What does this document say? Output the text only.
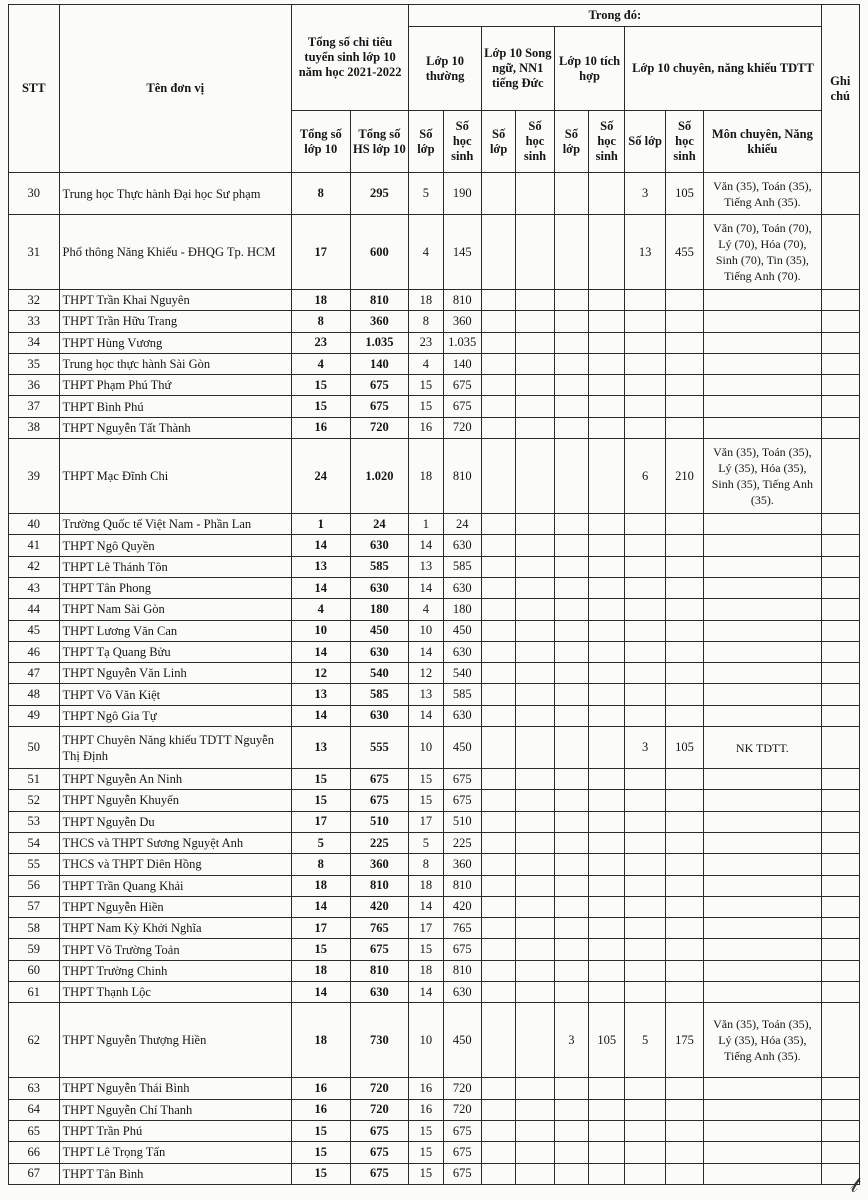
STT	Tên đơn vị	Tổng số chỉ tiêu tuyển sinh lớp 10 năm học 2021-2022		Trong đó:									Ghi chú
				Lớp 10 thường		Lớp 10 Song ngữ, NN1 tiếng Đức		Lớp 10 tích hợp		Lớp 10 chuyên, năng khiếu TDTT			
		Tổng số lớp 10	Tổng số HS lớp 10	Số lớp	Số học sinh	Số lớp	Số học sinh	Số lớp	Số học sinh	Số lớp	Số học sinh	Môn chuyên, Năng khiếu	
30	Trung học Thực hành Đại học Sư phạm	8	295	5	190					3	105	Văn (35), Toán (35), Tiếng Anh (35).	
31	Phổ thông Năng Khiếu - ĐHQG Tp. HCM	17	600	4	145					13	455	Văn (70), Toán (70), Lý (70), Hóa (70), Sinh (70), Tin (35), Tiếng Anh (70).	
32	THPT Trần Khai Nguyên	18	810	18	810								
33	THPT Trần Hữu Trang	8	360	8	360								
34	THPT Hùng Vương	23	1.035	23	1.035								
35	Trung học thực hành Sài Gòn	4	140	4	140								
36	THPT Phạm Phú Thứ	15	675	15	675								
37	THPT Bình Phú	15	675	15	675								
38	THPT Nguyễn Tất Thành	16	720	16	720								
39	THPT Mạc Đĩnh Chi	24	1.020	18	810					6	210	Văn (35), Toán (35), Lý (35), Hóa (35), Sinh (35), Tiếng Anh (35).	
40	Trường Quốc tế Việt Nam - Phần Lan	1	24	1	24								
41	THPT Ngô Quyền	14	630	14	630								
42	THPT Lê Thánh Tôn	13	585	13	585								
43	THPT Tân Phong	14	630	14	630								
44	THPT Nam Sài Gòn	4	180	4	180								
45	THPT Lương Văn Can	10	450	10	450								
46	THPT Tạ Quang Bửu	14	630	14	630								
47	THPT Nguyễn Văn Linh	12	540	12	540								
48	THPT Võ Văn Kiệt	13	585	13	585								
49	THPT Ngô Gia Tự	14	630	14	630								
50	THPT Chuyên Năng khiếu TDTT Nguyễn Thị Định	13	555	10	450					3	105	NK TDTT.	
51	THPT Nguyễn An Ninh	15	675	15	675								
52	THPT Nguyễn Khuyến	15	675	15	675								
53	THPT Nguyễn Du	17	510	17	510								
54	THCS và THPT Sương Nguyệt Anh	5	225	5	225								
55	THCS và THPT Diên Hồng	8	360	8	360								
56	THPT Trần Quang Khải	18	810	18	810								
57	THPT Nguyễn Hiền	14	420	14	420								
58	THPT Nam Kỳ Khởi Nghĩa	17	765	17	765								
59	THPT Võ Trường Toản	15	675	15	675								
60	THPT Trường Chinh	18	810	18	810								
61	THPT Thạnh Lộc	14	630	14	630								
62	THPT Nguyễn Thượng Hiền	18	730	10	450			3	105	5	175	Văn (35), Toán (35), Lý (35), Hóa (35), Tiếng Anh (35).	
63	THPT Nguyễn Thái Bình	16	720	16	720								
64	THPT Nguyễn Chí Thanh	16	720	16	720								
65	THPT Trần Phú	15	675	15	675								
66	THPT Lê Trọng Tấn	15	675	15	675								
67	THPT Tân Bình	15	675	15	675									𝓉
